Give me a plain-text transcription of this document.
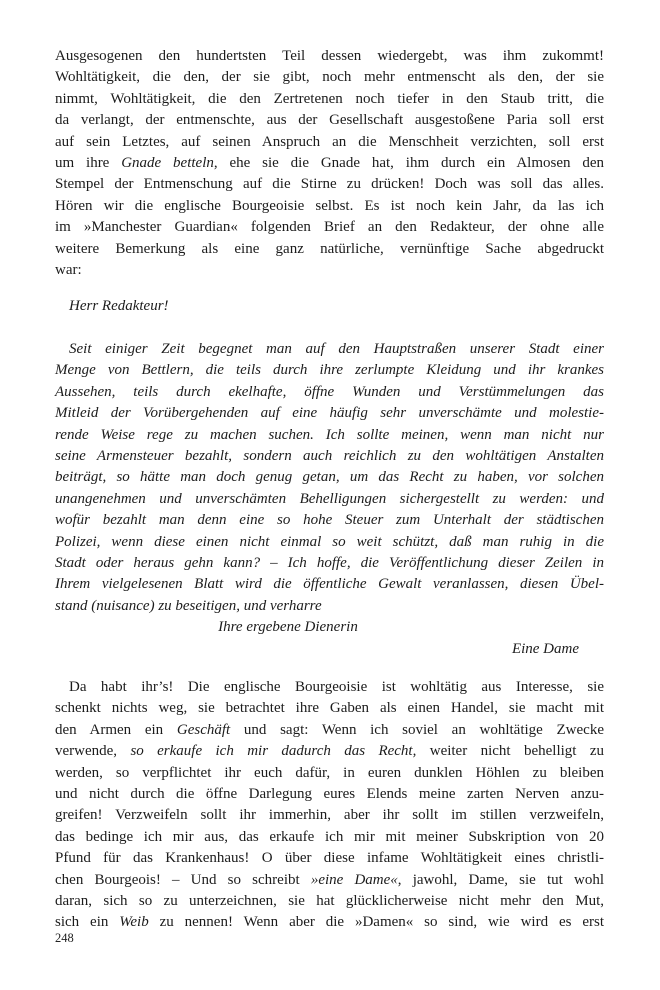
Ausgesogenen den hundertsten Teil dessen wiedergebt, was ihm zukommt!
Wohltätigkeit, die den, der sie gibt, noch mehr entmenscht als den, der sie
nimmt, Wohltätigkeit, die den Zertretenen noch tiefer in den Staub tritt, die
da verlangt, der entmenschte, aus der Gesellschaft ausgestoßene Paria soll erst
auf sein Letztes, auf seinen Anspruch an die Menschheit verzichten, soll erst
um ihre Gnade betteln, ehe sie die Gnade hat, ihm durch ein Almosen den
Stempel der Entmenschung auf die Stirne zu drücken! Doch was soll das alles.
Hören wir die englische Bourgeoisie selbst. Es ist noch kein Jahr, da las ich
im »Manchester Guardian« folgenden Brief an den Redakteur, der ohne alle
weitere Bemerkung als eine ganz natürliche, vernünftige Sache abgedruckt
war:
Herr Redakteur!
Seit einiger Zeit begegnet man auf den Hauptstraßen unserer Stadt einer
Menge von Bettlern, die teils durch ihre zerlumpte Kleidung und ihr krankes
Aussehen, teils durch ekelhafte, öffne Wunden und Verstümmelungen das
Mitleid der Vorübergehenden auf eine häufig sehr unverschämte und molestie-
rende Weise rege zu machen suchen. Ich sollte meinen, wenn man nicht nur
seine Armensteuer bezahlt, sondern auch reichlich zu den wohltätigen Anstalten
beiträgt, so hätte man doch genug getan, um das Recht zu haben, vor solchen
unangenehmen und unverschämten Behelligungen sichergestellt zu werden: und
wofür bezahlt man denn eine so hohe Steuer zum Unterhalt der städtischen
Polizei, wenn diese einen nicht einmal so weit schützt, daß man ruhig in die
Stadt oder heraus gehn kann? – Ich hoffe, die Veröffentlichung dieser Zeilen in
Ihrem vielgelesenen Blatt wird die öffentliche Gewalt veranlassen, diesen Übel-
stand (nuisance) zu beseitigen, und verharre
Ihre ergebene Dienerin
Eine Dame
Da habt ihr’s! Die englische Bourgeoisie ist wohltätig aus Interesse, sie
schenkt nichts weg, sie betrachtet ihre Gaben als einen Handel, sie macht mit
den Armen ein Geschäft und sagt: Wenn ich soviel an wohltätige Zwecke
verwende, so erkaufe ich mir dadurch das Recht, weiter nicht behelligt zu
werden, so verpflichtet ihr euch dafür, in euren dunklen Höhlen zu bleiben
und nicht durch die öffne Darlegung eures Elends meine zarten Nerven anzu-
greifen! Verzweifeln sollt ihr immerhin, aber ihr sollt im stillen verzweifeln,
das bedinge ich mir aus, das erkaufe ich mir mit meiner Subskription von 20
Pfund für das Krankenhaus! O über diese infame Wohltätigkeit eines christli-
chen Bourgeois! – Und so schreibt »eine Dame«, jawohl, Dame, sie tut wohl
daran, sich so zu unterzeichnen, sie hat glücklicherweise nicht mehr den Mut,
sich ein Weib zu nennen! Wenn aber die »Damen« so sind, wie wird es erst
248
